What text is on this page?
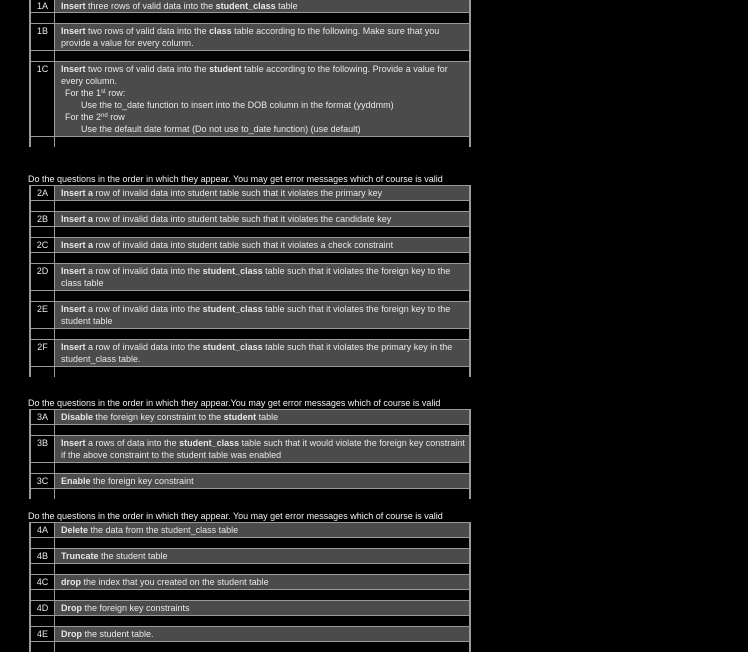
1A	Insert three rows of valid data into the student_class table
1B	Insert two rows of valid data into the class table according to the following. Make sure that you provide a value for every column.
1C	Insert two rows of valid data into the student table according to the following. Provide a value for every column.
For the 1st row:
Use the to_date function to insert into the DOB column in the format (yyddmm)
For the 2nd row
Use the default date format (Do not use to_date function) (use default)
Do the questions in the order in which they appear. You may get error messages which of course is valid
2A	Insert a row of invalid data into student table such that it violates the primary key
2B	Insert a row of invalid data into student table such that it violates the candidate key
2C	Insert a row of invalid data into student table such that it violates a check constraint
2D	Insert a row of invalid data into the student_class table such that it violates the foreign key to the class table
2E	Insert a row of invalid data into the student_class table such that it violates the foreign key to the student table
2F	Insert a row of invalid data into the student_class table such that it violates the primary key in the student_class table.
Do the questions in the order in which they appear.You may get error messages which of course is valid
3A	Disable the foreign key constraint to the student table
3B	Insert a rows of data into the student_class table such that it would violate the foreign key constraint if the above constraint to the student table was enabled
3C	Enable the foreign key constraint
Do the questions in the order in which they appear. You may get error messages which of course is valid
4A	Delete the data from the student_class table
4B	Truncate the student table
4C	drop the index that you created on the student table
4D	Drop the foreign key constraints
4E	Drop the student table.
